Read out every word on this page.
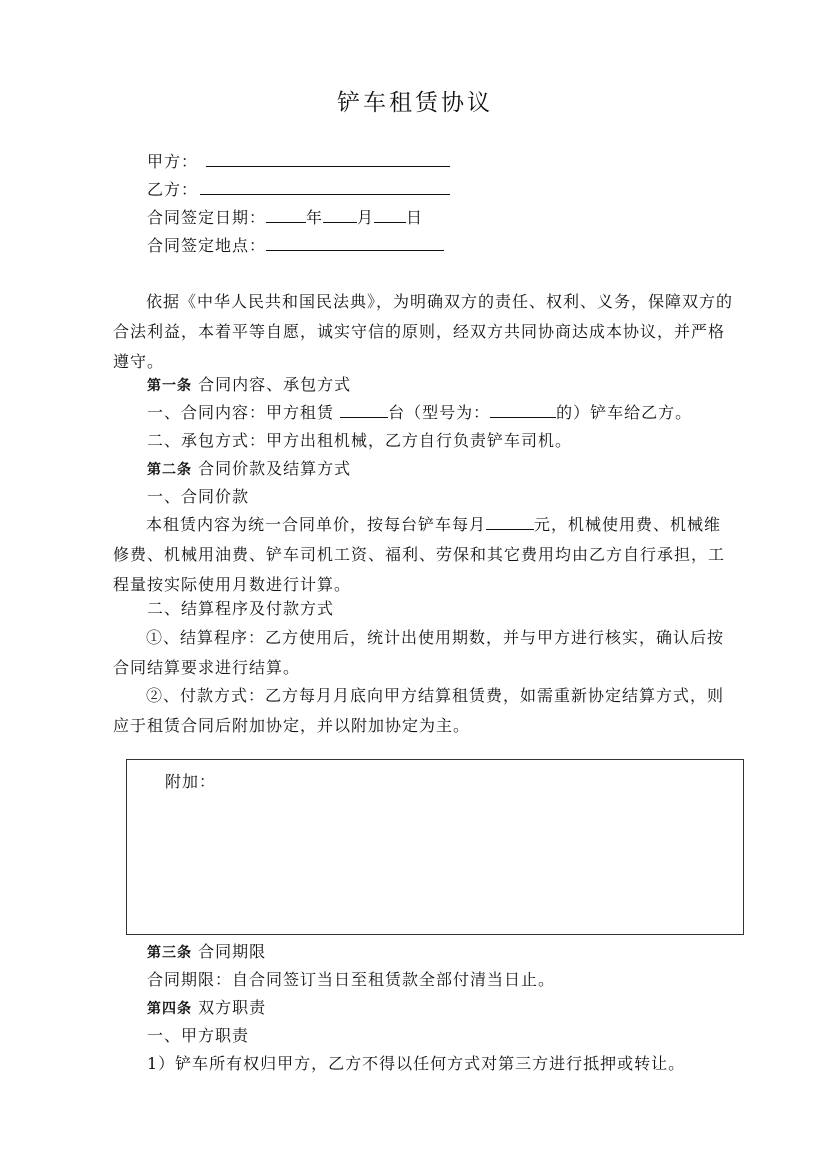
铲车租赁协议
甲方：
乙方：
合同签定日期：	年 月 日
合同签定地点：
依据《中华人民共和国民法典》，为明确双方的责任、权利、义务，保障双方的合法利益，本着平等自愿，诚实守信的原则，经双方共同协商达成本协议，并严格遵守。
第一条 合同内容、承包方式
一、合同内容：甲方租赁	台（型号为：	的）铲车给乙方。
二、承包方式：甲方出租机械，乙方自行负责铲车司机。
第二条 合同价款及结算方式
一、合同价款
本租赁内容为统一合同单价，按每台铲车每月	元，机械使用费、机械维修费、机械用油费、铲车司机工资、福利、劳保和其它费用均由乙方自行承担，工程量按实际使用月数进行计算。
二、结算程序及付款方式
①、结算程序：乙方使用后，统计出使用期数，并与甲方进行核实，确认后按合同结算要求进行结算。
②、付款方式：乙方每月月底向甲方结算租赁费，如需重新协定结算方式，则应于租赁合同后附加协定，并以附加协定为主。
附加：
第三条 合同期限
合同期限：自合同签订当日至租赁款全部付清当日止。
第四条 双方职责
一、甲方职责
1）铲车所有权归甲方，乙方不得以任何方式对第三方进行抵押或转让。
